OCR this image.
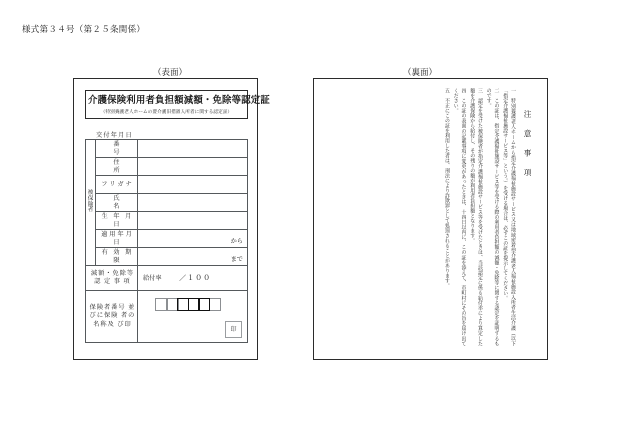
様式第３４号（第２５条関係）
（表面）	（裏面）
介護保険利用者負担額減額・免除等認定証
（特別養護老人ホームの要介護旧措置入所者に関する認定証）
交付年月日
	番　　　号	
	住　　　所	

被保険者	フリガナ	
	氏　　　名	
	生 年 月 日	
	適用年月日	から

	有 効 期 限	まで

減額・免除等 認 定 事 項		給付率 ／１００

保険者番号 並びに保険 者の名称及 び印		印
注 意 事 項
一　特別養護老人ホームから指定介護福祉施設サービス又は地域密着型介護老人福祉施設入所者生活介護（以下「指定介護福祉施設サービス等」という。）を受ける場合は、必ずこの証を提示してください。
二　この証は、指定介護福祉施設サービス等を受ける際の利用者負担額の減額・免除等に関する認定を証明するものです。
三　認定を受けた被保険者が指定介護福祉施設サービス等を受けたときは、当該認定に係る給付率により算定した額を介護保険から給付し、その残りの額が利用者負担額となります。
四　この証の表面の記載事項に変更があったときは、十四日以内に、この証を添えて、市町村にその旨を届け出てください。
五　不正にこの証を利用した者は、刑法により詐欺罪として処罰されることがあります。
